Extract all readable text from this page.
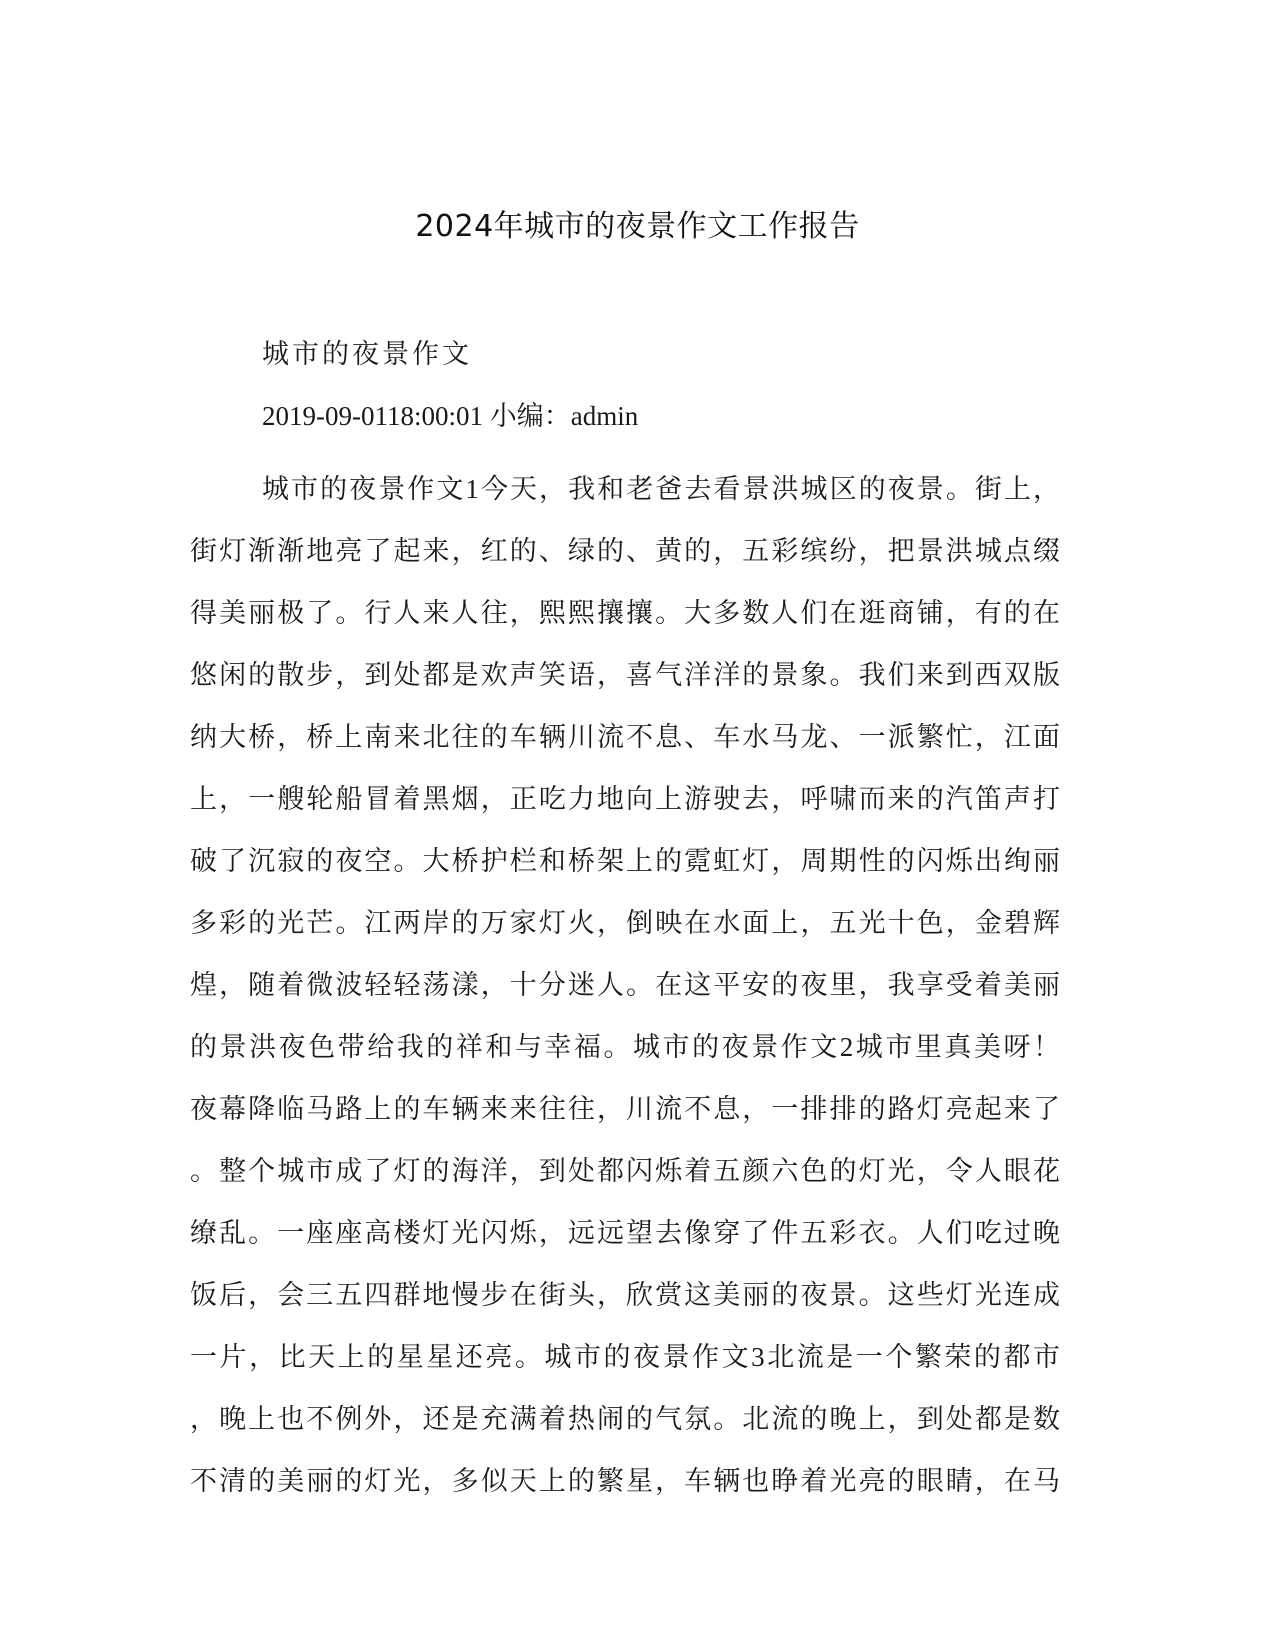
2024年城市的夜景作文工作报告
城市的夜景作文
2019-09-0118:00:01 小编：admin
城市的夜景作文1今天，我和老爸去看景洪城区的夜景。街上，
街灯渐渐地亮了起来，红的、绿的、黄的，五彩缤纷，把景洪城点缀
得美丽极了。行人来人往，熙熙攘攘。大多数人们在逛商铺，有的在
悠闲的散步，到处都是欢声笑语，喜气洋洋的景象。我们来到西双版
纳大桥，桥上南来北往的车辆川流不息、车水马龙、一派繁忙，江面
上，一艘轮船冒着黑烟，正吃力地向上游驶去，呼啸而来的汽笛声打
破了沉寂的夜空。大桥护栏和桥架上的霓虹灯，周期性的闪烁出绚丽
多彩的光芒。江两岸的万家灯火，倒映在水面上，五光十色，金碧辉
煌，随着微波轻轻荡漾，十分迷人。在这平安的夜里，我享受着美丽
的景洪夜色带给我的祥和与幸福。城市的夜景作文2城市里真美呀！
夜幕降临马路上的车辆来来往往，川流不息，一排排的路灯亮起来了
。整个城市成了灯的海洋，到处都闪烁着五颜六色的灯光，令人眼花
缭乱。一座座高楼灯光闪烁，远远望去像穿了件五彩衣。人们吃过晚
饭后，会三五四群地慢步在街头，欣赏这美丽的夜景。这些灯光连成
一片，比天上的星星还亮。城市的夜景作文3北流是一个繁荣的都市
，晚上也不例外，还是充满着热闹的气氛。北流的晚上，到处都是数
不清的美丽的灯光，多似天上的繁星，车辆也睁着光亮的眼睛，在马
